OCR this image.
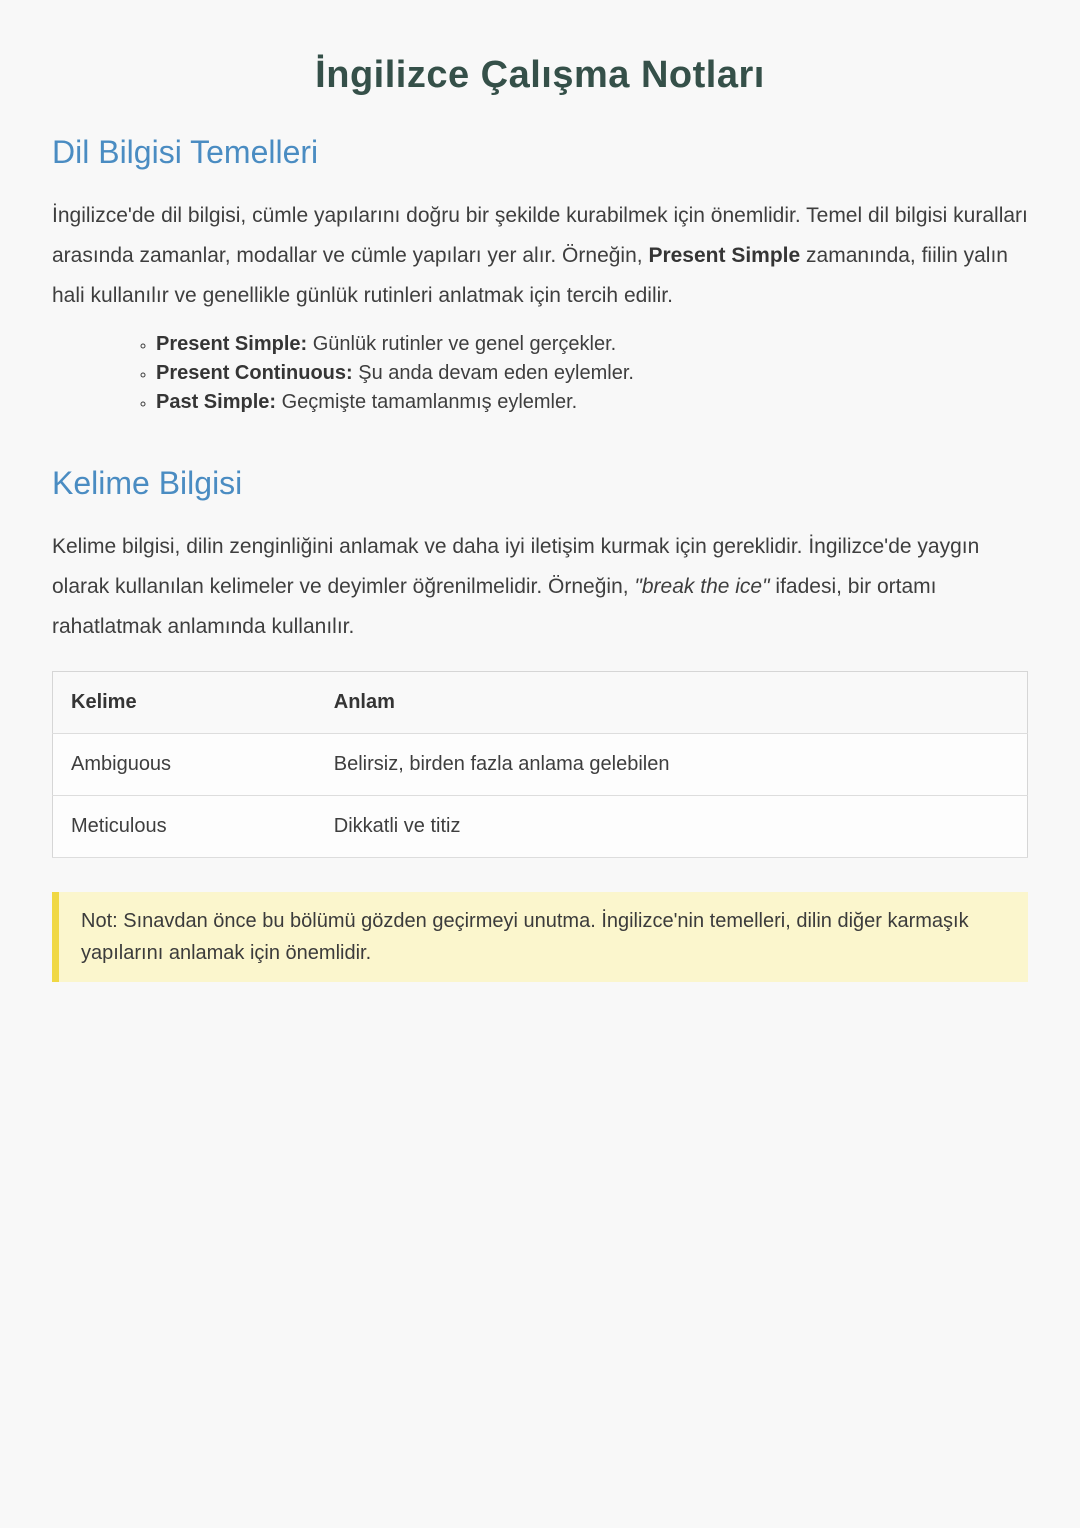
İngilizce Çalışma Notları
Dil Bilgisi Temelleri

İngilizce'de dil bilgisi, cümle yapılarını doğru bir şekilde kurabilmek için önemlidir. Temel dil bilgisi kuralları arasında zamanlar, modallar ve cümle yapıları yer alır. Örneğin, Present Simple zamanında, fiilin yalın hali kullanılır ve genellikle günlük rutinleri anlatmak için tercih edilir.

◦ Present Simple: Günlük rutinler ve genel gerçekler.
◦ Present Continuous: Şu anda devam eden eylemler.
◦ Past Simple: Geçmişte tamamlanmış eylemler.
Kelime Bilgisi

Kelime bilgisi, dilin zenginliğini anlamak ve daha iyi iletişim kurmak için gereklidir. İngilizce'de yaygın olarak kullanılan kelimeler ve deyimler öğrenilmelidir. Örneğin, "break the ice" ifadesi, bir ortamı rahatlatmak anlamında kullanılır.

Kelime	Anlam
Ambiguous	Belirsiz, birden fazla anlama gelebilen
Meticulous	Dikkatli ve titiz

Not: Sınavdan önce bu bölümü gözden geçirmeyi unutma. İngilizce'nin temelleri, dilin diğer karmaşık yapılarını anlamak için önemlidir.
